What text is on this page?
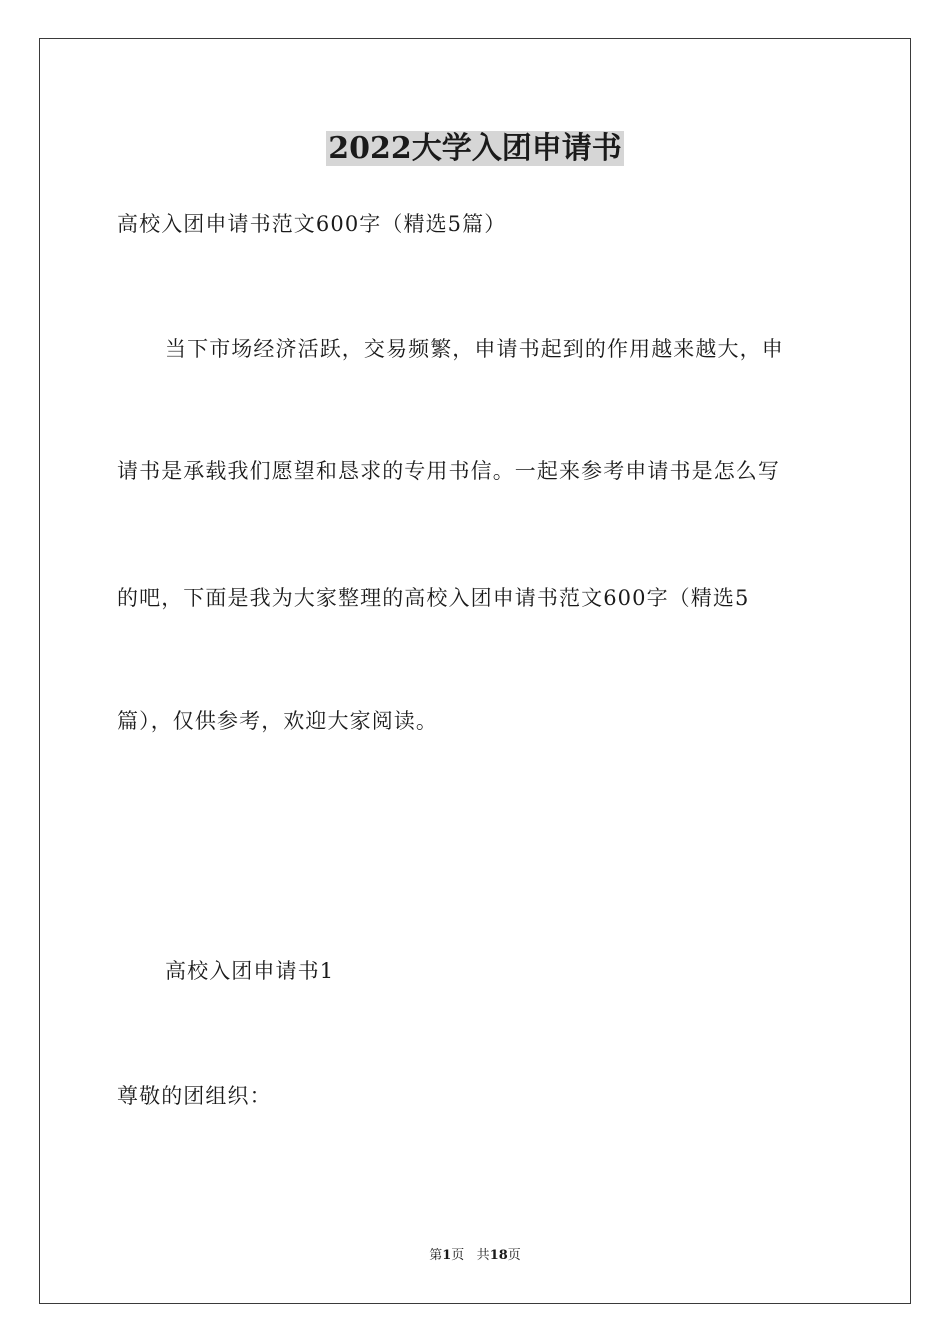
2022大学入团申请书
高校入团申请书范文600字（精选5篇）
当下市场经济活跃，交易频繁，申请书起到的作用越来越大，申
请书是承载我们愿望和恳求的专用书信。一起来参考申请书是怎么写
的吧，下面是我为大家整理的高校入团申请书范文600字（精选5
篇），仅供参考，欢迎大家阅读。
高校入团申请书1
尊敬的团组织：
第1页 共18页
